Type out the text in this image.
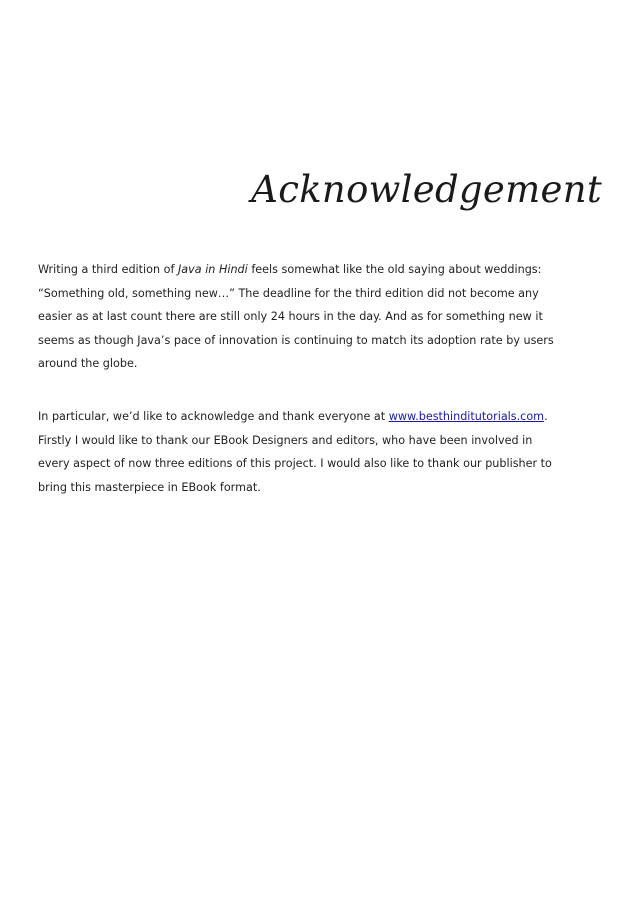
Acknowledgement

Writing a third edition of Java in Hindi feels somewhat like the old saying about weddings:
“Something old, something new…” The deadline for the third edition did not become any
easier as at last count there are still only 24 hours in the day. And as for something new it
seems as though Java’s pace of innovation is continuing to match its adoption rate by users
around the globe.

In particular, we’d like to acknowledge and thank everyone at www.besthinditutorials.com.
Firstly I would like to thank our EBook Designers and editors, who have been involved in
every aspect of now three editions of this project. I would also like to thank our publisher to
bring this masterpiece in EBook format.
